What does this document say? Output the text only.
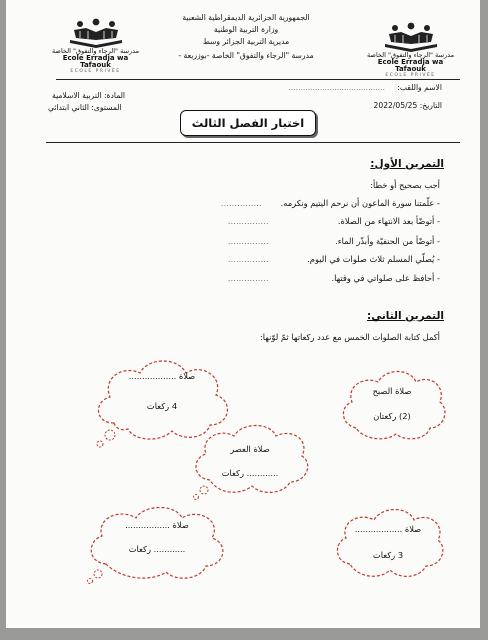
الجمهورية الجزائرية الديمقراطية الشعبية
وزارة التربية الوطنية
مديرية التربية الجزائر وسط
مدرسة "الرجاء والتفوق" الخاصة -بوزريعة -
مدرسة "الرجاء والتفوق" الخاصة
Ecole Erradja wa Tafaouk
ECOLE PRIVÉE
مدرسة "الرجاء والتفوق" الخاصة
Ecole Erradja wa Tafaouk
ECOLE PRIVÉE
الاسم واللقب:
........................................
التاريخ: 2022/05/25
المادة: التربية الاسلامية
المستوى: الثاني ابتدائي
اختبار الفصل الثالث
التمرين الأول:
أجب بصحيح أو خطأ:
- علّمتنا سورة الماعون أن نرحم اليتيم ونكرمه.
...............
- أتوضّأ بعد الانتهاء من الصلاة.
...............
- أتوضّأ من الحنفيّة وأبذّر الماء.
...............
- يُصلّي المسلم ثلاث صلوات في اليوم.
...............
- أحافظ على صلواتي في وقتها.
...............
التمرين الثاني:
أكمل كتابة الصلوات الخمس مع عدد ركعاتها ثمّ لوّنها:
صلاة ..................
4 ركعات
صلاة الصبح
(2) ركعتان
صلاة العصر
............ ركعات
صلاة .................
............ ركعات
صلاة ..................
3 ركعات
